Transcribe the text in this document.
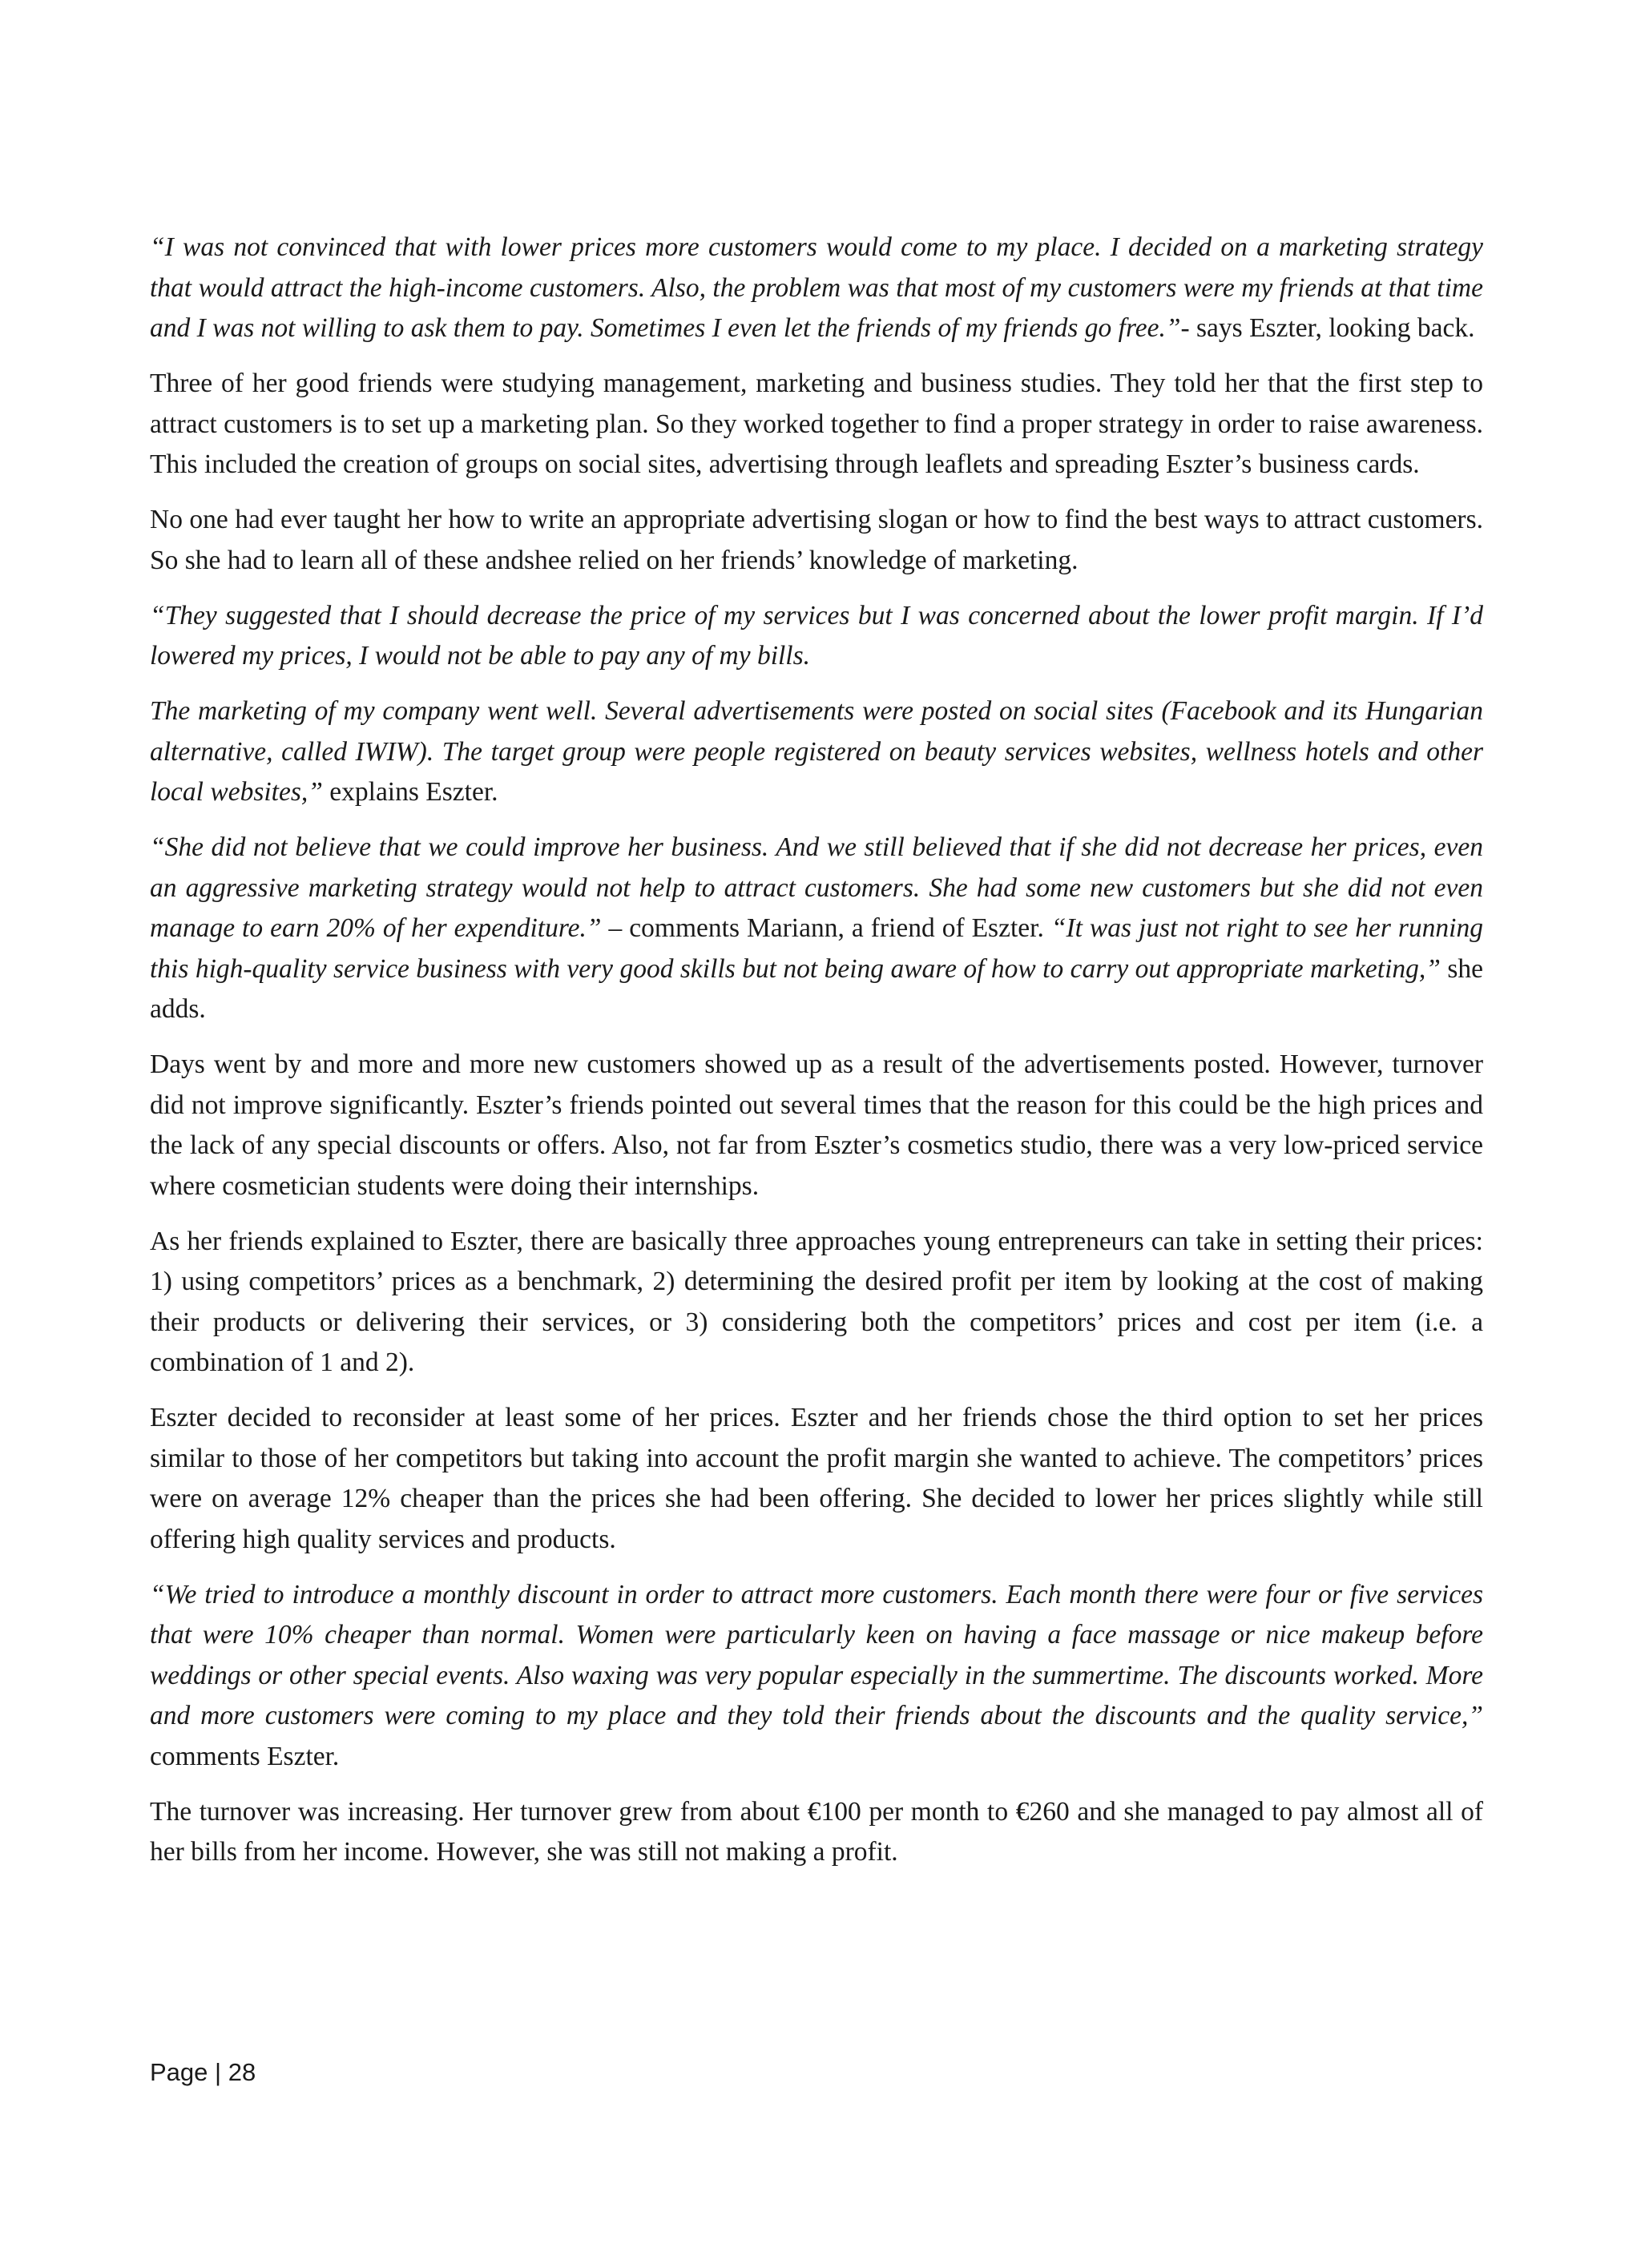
“I was not convinced that with lower prices more customers would come to my place. I decided on a marketing strategy that would attract the high-income customers. Also, the problem was that most of my customers were my friends at that time and I was not willing to ask them to pay. Sometimes I even let the friends of my friends go free.”- says Eszter, looking back.

Three of her good friends were studying management, marketing and business studies. They told her that the first step to attract customers is to set up a marketing plan. So they worked together to find a proper strategy in order to raise awareness. This included the creation of groups on social sites, advertising through leaflets and spreading Eszter’s business cards.

No one had ever taught her how to write an appropriate advertising slogan or how to find the best ways to attract customers. So she had to learn all of these andshee relied on her friends’ knowledge of marketing.

“They suggested that I should decrease the price of my services but I was concerned about the lower profit margin. If I’d lowered my prices, I would not be able to pay any of my bills.

The marketing of my company went well. Several advertisements were posted on social sites (Facebook and its Hungarian alternative, called IWIW). The target group were people registered on beauty services websites, wellness hotels and other local websites,” explains Eszter.

“She did not believe that we could improve her business. And we still believed that if she did not decrease her prices, even an aggressive marketing strategy would not help to attract customers. She had some new customers but she did not even manage to earn 20% of her expenditure.” – comments Mariann, a friend of Eszter. “It was just not right to see her running this high-quality service business with very good skills but not being aware of how to carry out appropriate marketing,” she adds.

Days went by and more and more new customers showed up as a result of the advertisements posted. However, turnover did not improve significantly. Eszter’s friends pointed out several times that the reason for this could be the high prices and the lack of any special discounts or offers. Also, not far from Eszter’s cosmetics studio, there was a very low-priced service where cosmetician students were doing their internships.

As her friends explained to Eszter, there are basically three approaches young entrepreneurs can take in setting their prices: 1) using competitors’ prices as a benchmark, 2) determining the desired profit per item by looking at the cost of making their products or delivering their services, or 3) considering both the competitors’ prices and cost per item (i.e. a combination of 1 and 2).

Eszter decided to reconsider at least some of her prices. Eszter and her friends chose the third option to set her prices similar to those of her competitors but taking into account the profit margin she wanted to achieve. The competitors’ prices were on average 12% cheaper than the prices she had been offering. She decided to lower her prices slightly while still offering high quality services and products.

“We tried to introduce a monthly discount in order to attract more customers. Each month there were four or five services that were 10% cheaper than normal. Women were particularly keen on having a face massage or nice makeup before weddings or other special events. Also waxing was very popular especially in the summertime. The discounts worked. More and more customers were coming to my place and they told their friends about the discounts and the quality service,” comments Eszter.

The turnover was increasing. Her turnover grew from about €100 per month to €260 and she managed to pay almost all of her bills from her income. However, she was still not making a profit.

Page | 28
